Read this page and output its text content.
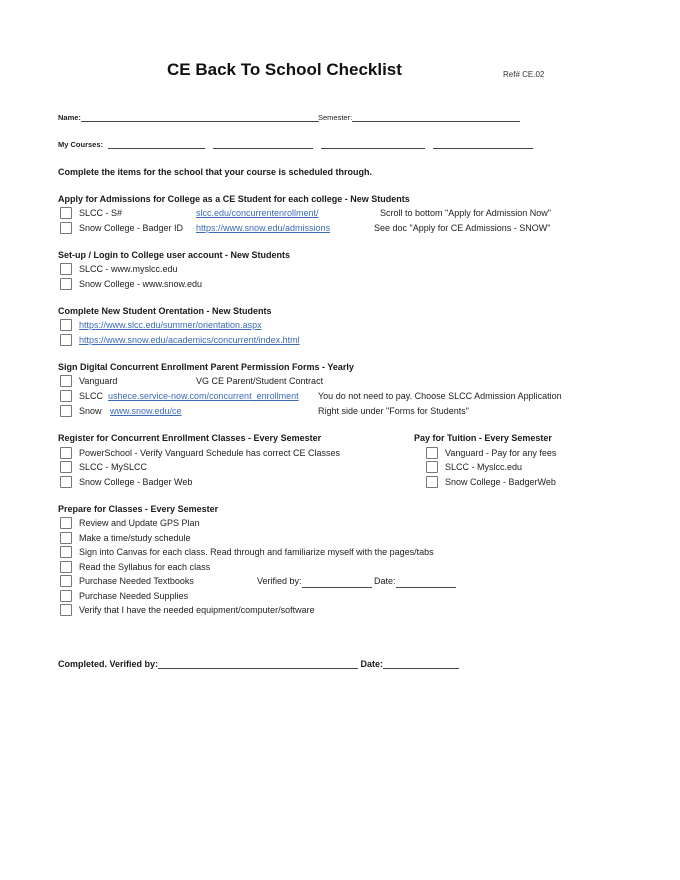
CE Back To School Checklist	Ref# CE.02
Name:	Semester:
My Courses:
Complete the items for the school that your course is scheduled through.
Apply for Admissions for College as a CE Student for each college - New Students
SLCC - S#	slcc.edu/concurrentenrollment/	Scroll to bottom "Apply for Admission Now"
Snow College - Badger ID https://www.snow.edu/admissions	See doc "Apply for CE Admissions - SNOW"
Set-up / Login to College user account - New Students
SLCC - www.myslcc.edu
Snow College - www.snow.edu
Complete New Student Orentation - New Students
https://www.slcc.edu/summer/orientation.aspx
https://www.snow.edu/academics/concurrent/index.html
Sign Digital Concurrent Enrollment Parent Permission Forms - Yearly
Vanguard	VG CE Parent/Student Contract
SLCC ushece.service-now.com/concurrent_enrollment You do not need to pay. Choose SLCC Admission Application
Snow www.snow.edu/ce	Right side under "Forms for Students"
Register for Concurrent Enrollment Classes - Every Semester
PowerSchool - Verify Vanguard Schedule has correct CE Classes
SLCC - MySLCC
Snow College - Badger Web
Pay for Tuition - Every Semester
Vanguard - Pay for any fees
SLCC - Myslcc.edu
Snow College - BadgerWeb
Prepare for Classes - Every Semester
Review and Update GPS Plan
Make a time/study schedule
Sign into Canvas for each class. Read through and familiarize myself with the pages/tabs
Read the Syllabus for each class
Purchase Needed Textbooks	Verified by:	Date:
Purchase Needed Supplies
Verify that I have the needed equipment/computer/software
Completed. Verified by:	Date:
